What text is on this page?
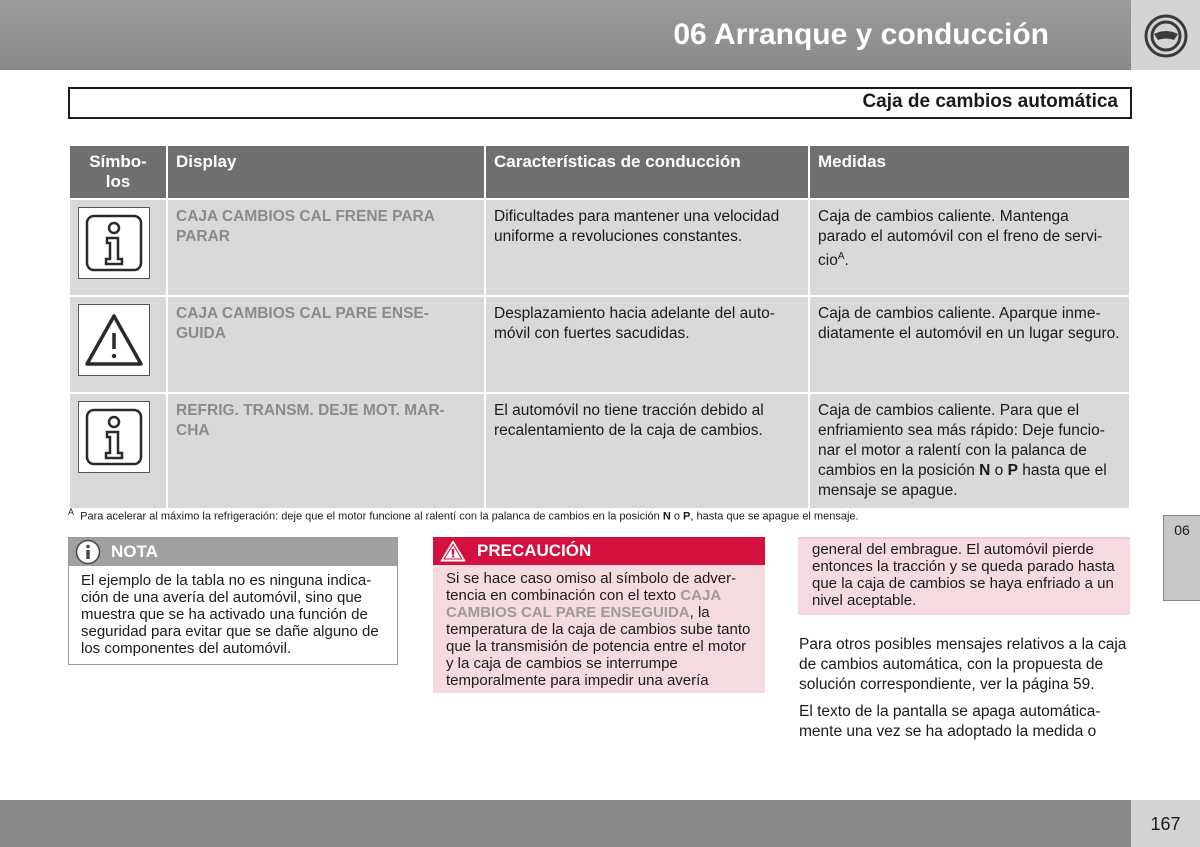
06 Arranque y conducción
Caja de cambios automática
Símbo-los	Display	Características de conducción	Medidas

	CAJA CAMBIOS CAL FRENE PARA PARAR	Dificultades para mantener una velocidad uniforme a revoluciones constantes.	Caja de cambios caliente. Mantenga parado el automóvil con el freno de servi-cio$^A$.

	CAJA CAMBIOS CAL PARE ENSE-GUIDA	Desplazamiento hacia adelante del auto-móvil con fuertes sacudidas.	Caja de cambios caliente. Aparque inme-diatamente el automóvil en un lugar seguro.

	REFRIG. TRANSM. DEJE MOT. MAR-CHA	El automóvil no tiene tracción debido al recalentamiento de la caja de cambios.	Caja de cambios caliente. Para que el enfriamiento sea más rápido: Deje funcio-nar el motor a ralentí con la palanca de cambios en la posición N o P hasta que el mensaje se apague.
$^A$ Para acelerar al máximo la refrigeración: deje que el motor funcione al ralentí con la palanca de cambios en la posición N o P, hasta que se apague el mensaje.
NOTA
El ejemplo de la tabla no es ninguna indica-ción de una avería del automóvil, sino que muestra que se ha activado una función de seguridad para evitar que se dañe alguno de los componentes del automóvil.
PRECAUCIÓN
Si se hace caso omiso al símbolo de adver-tencia en combinación con el texto CAJA CAMBIOS CAL PARE ENSEGUIDA, la temperatura de la caja de cambios sube tanto que la transmisión de potencia entre el motor y la caja de cambios se interrumpe temporalmente para impedir una avería
general del embrague. El automóvil pierde entonces la tracción y se queda parado hasta que la caja de cambios se haya enfriado a un nivel aceptable.
Para otros posibles mensajes relativos a la caja de cambios automática, con la propuesta de solución correspondiente, ver la página 59.
El texto de la pantalla se apaga automática-mente una vez se ha adoptado la medida o
06
167
